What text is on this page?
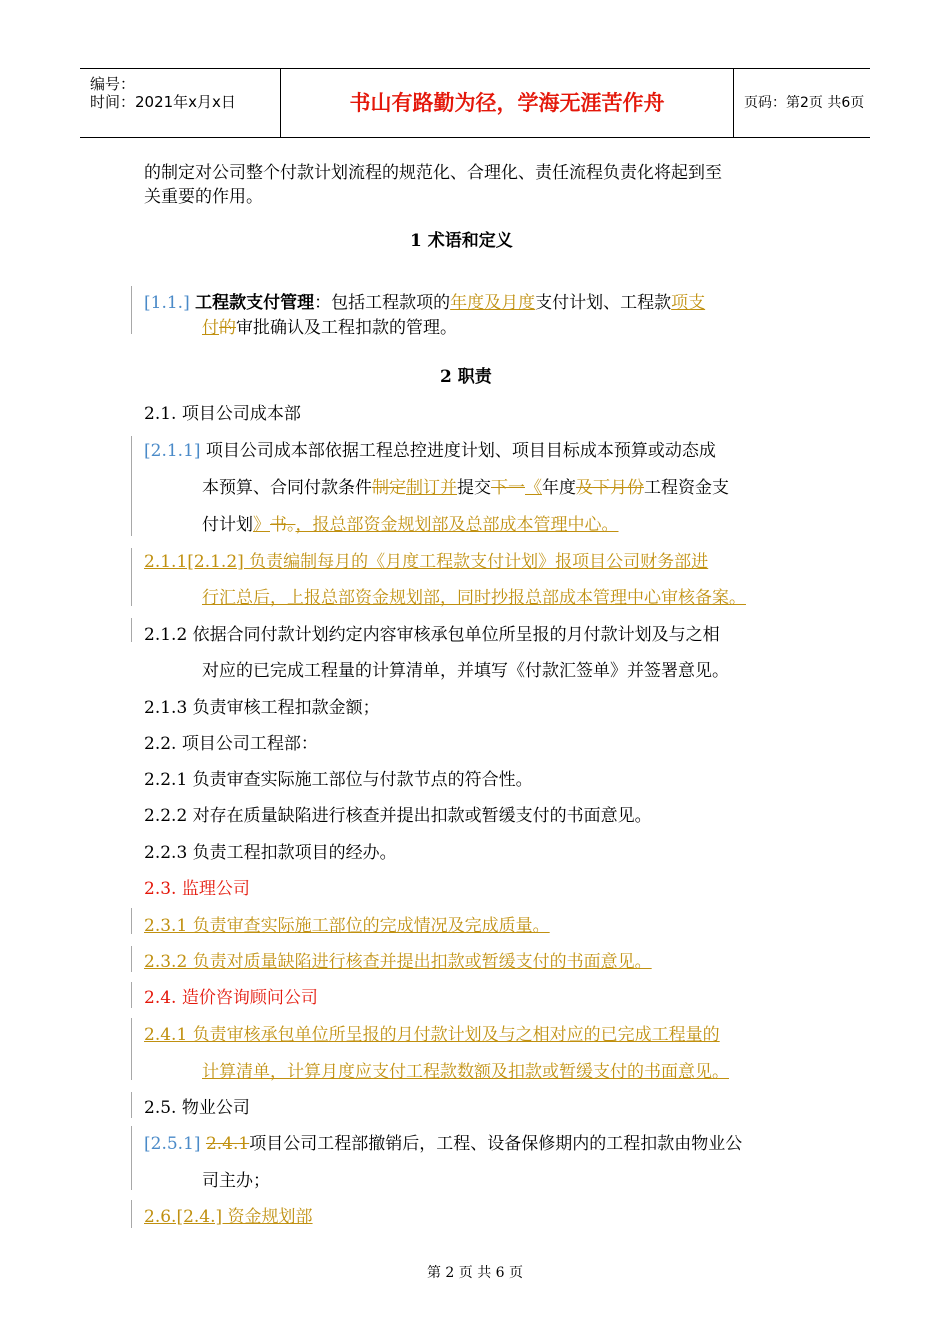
编号：
时间：2021年x月x日	书山有路勤为径，学海无涯苦作舟	页码：第2页 共6页
的制定对公司整个付款计划流程的规范化、合理化、责任流程负责化将起到至
关重要的作用。
1 术语和定义
[1.1.] 工程款支付管理：包括工程款项的年度及月度支付计划、工程款项支
付的审批确认及工程扣款的管理。
2 职责
2.1. 项目公司成本部
[2.1.1] 项目公司成本部依据工程总控进度计划、项目目标成本预算或动态成
本预算、合同付款条件制定制订并提交下一《年度及下月份工程资金支
付计划》书。，报总部资金规划部及总部成本管理中心。
2.1.1[2.1.2] 负责编制每月的《月度工程款支付计划》报项目公司财务部进
行汇总后，上报总部资金规划部，同时抄报总部成本管理中心审核备案。
2.1.2 依据合同付款计划约定内容审核承包单位所呈报的月付款计划及与之相
对应的已完成工程量的计算清单，并填写《付款汇签单》并签署意见。
2.1.3 负责审核工程扣款金额；
2.2. 项目公司工程部：
2.2.1 负责审查实际施工部位与付款节点的符合性。
2.2.2 对存在质量缺陷进行核查并提出扣款或暂缓支付的书面意见。
2.2.3 负责工程扣款项目的经办。
2.3. 监理公司
2.3.1 负责审查实际施工部位的完成情况及完成质量。
2.3.2 负责对质量缺陷进行核查并提出扣款或暂缓支付的书面意见。
2.4. 造价咨询顾问公司
2.4.1 负责审核承包单位所呈报的月付款计划及与之相对应的已完成工程量的
计算清单，计算月度应支付工程款数额及扣款或暂缓支付的书面意见。
2.5. 物业公司
[2.5.1] 2.4.1项目公司工程部撤销后，工程、设备保修期内的工程扣款由物业公
司主办；
2.6.[2.4.] 资金规划部
第 2 页 共 6 页
